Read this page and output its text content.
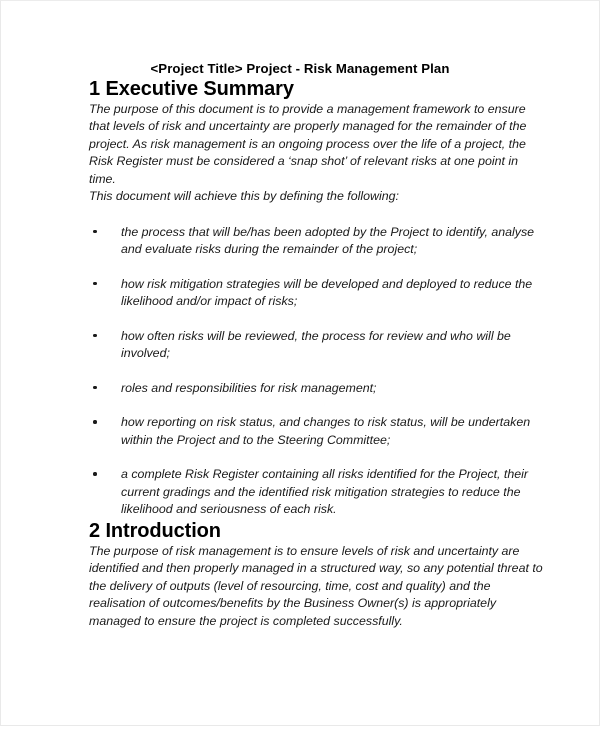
<Project Title> Project - Risk Management Plan
1 Executive Summary

The purpose of this document is to provide a management framework to ensure that levels of risk and uncertainty are properly managed for the remainder of the project. As risk management is an ongoing process over the life of a project, the Risk Register must be considered a ‘snap shot’ of relevant risks at one point in time.

This document will achieve this by defining the following:

the process that will be/has been adopted by the Project to identify, analyse and evaluate risks during the remainder of the project;
how risk mitigation strategies will be developed and deployed to reduce the likelihood and/or impact of risks;
how often risks will be reviewed, the process for review and who will be involved;
roles and responsibilities for risk management;
how reporting on risk status, and changes to risk status, will be undertaken within the Project and to the Steering Committee;
a complete Risk Register containing all risks identified for the Project, their current gradings and the identified risk mitigation strategies to reduce the likelihood and seriousness of each risk.
2 Introduction

The purpose of risk management is to ensure levels of risk and uncertainty are identified and then properly managed in a structured way, so any potential threat to the delivery of outputs (level of resourcing, time, cost and quality) and the realisation of outcomes/benefits by the Business Owner(s) is appropriately managed to ensure the project is completed successfully.
